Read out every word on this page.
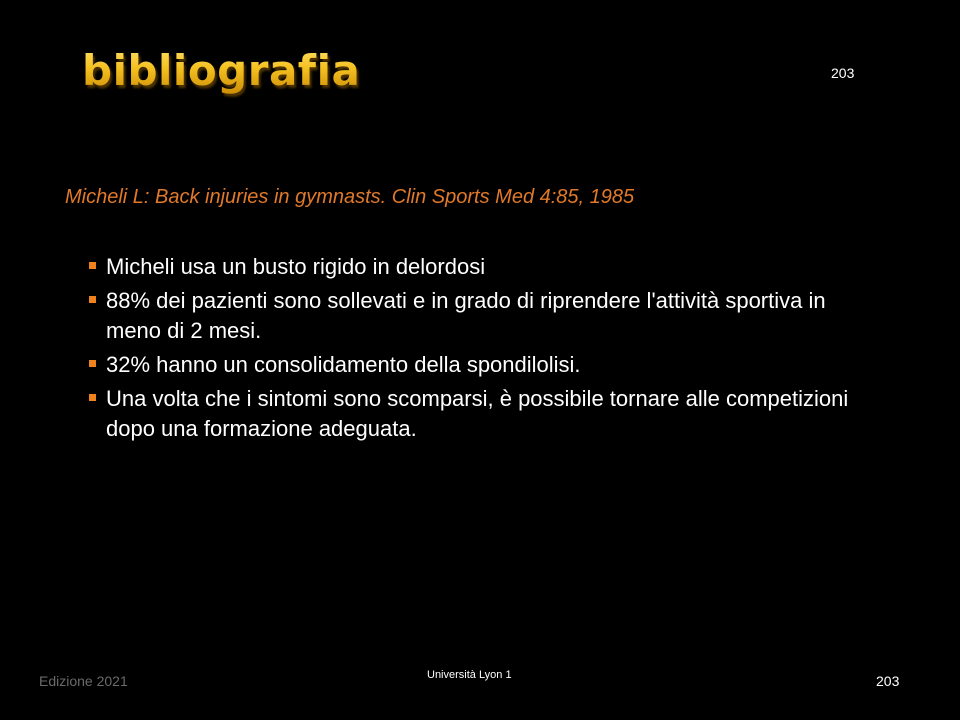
bibliografia	203
Micheli L: Back injuries in gymnasts. Clin Sports Med 4:85, 1985
Micheli usa un busto rigido in delordosi
88% dei pazienti sono sollevati e in grado di riprendere l'attività sportiva in meno di 2 mesi.
32% hanno un consolidamento della spondilolisi.
Una volta che i sintomi sono scomparsi, è possibile tornare alle competizioni dopo una formazione adeguata.
Edizione 2021	Università Lyon 1	203
